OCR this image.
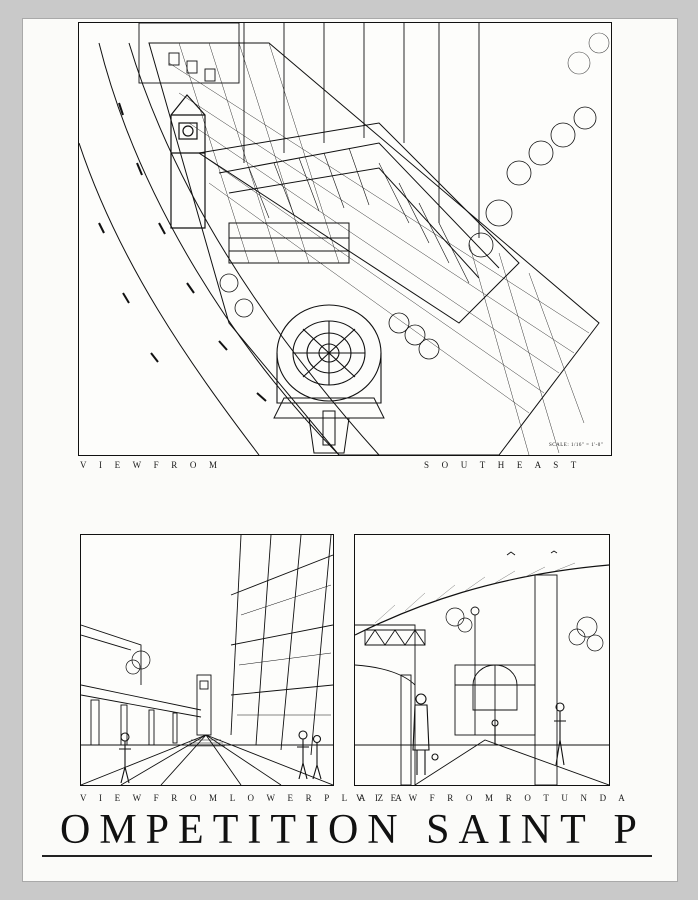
SCALE: 1/16" = 1'-0"
V I E W F R O M	S O U T H E A S T
V I E W F R O M L O W E R P L A Z A
V I E W F R O M R O T U N D A
OMPETITION SAINT P
